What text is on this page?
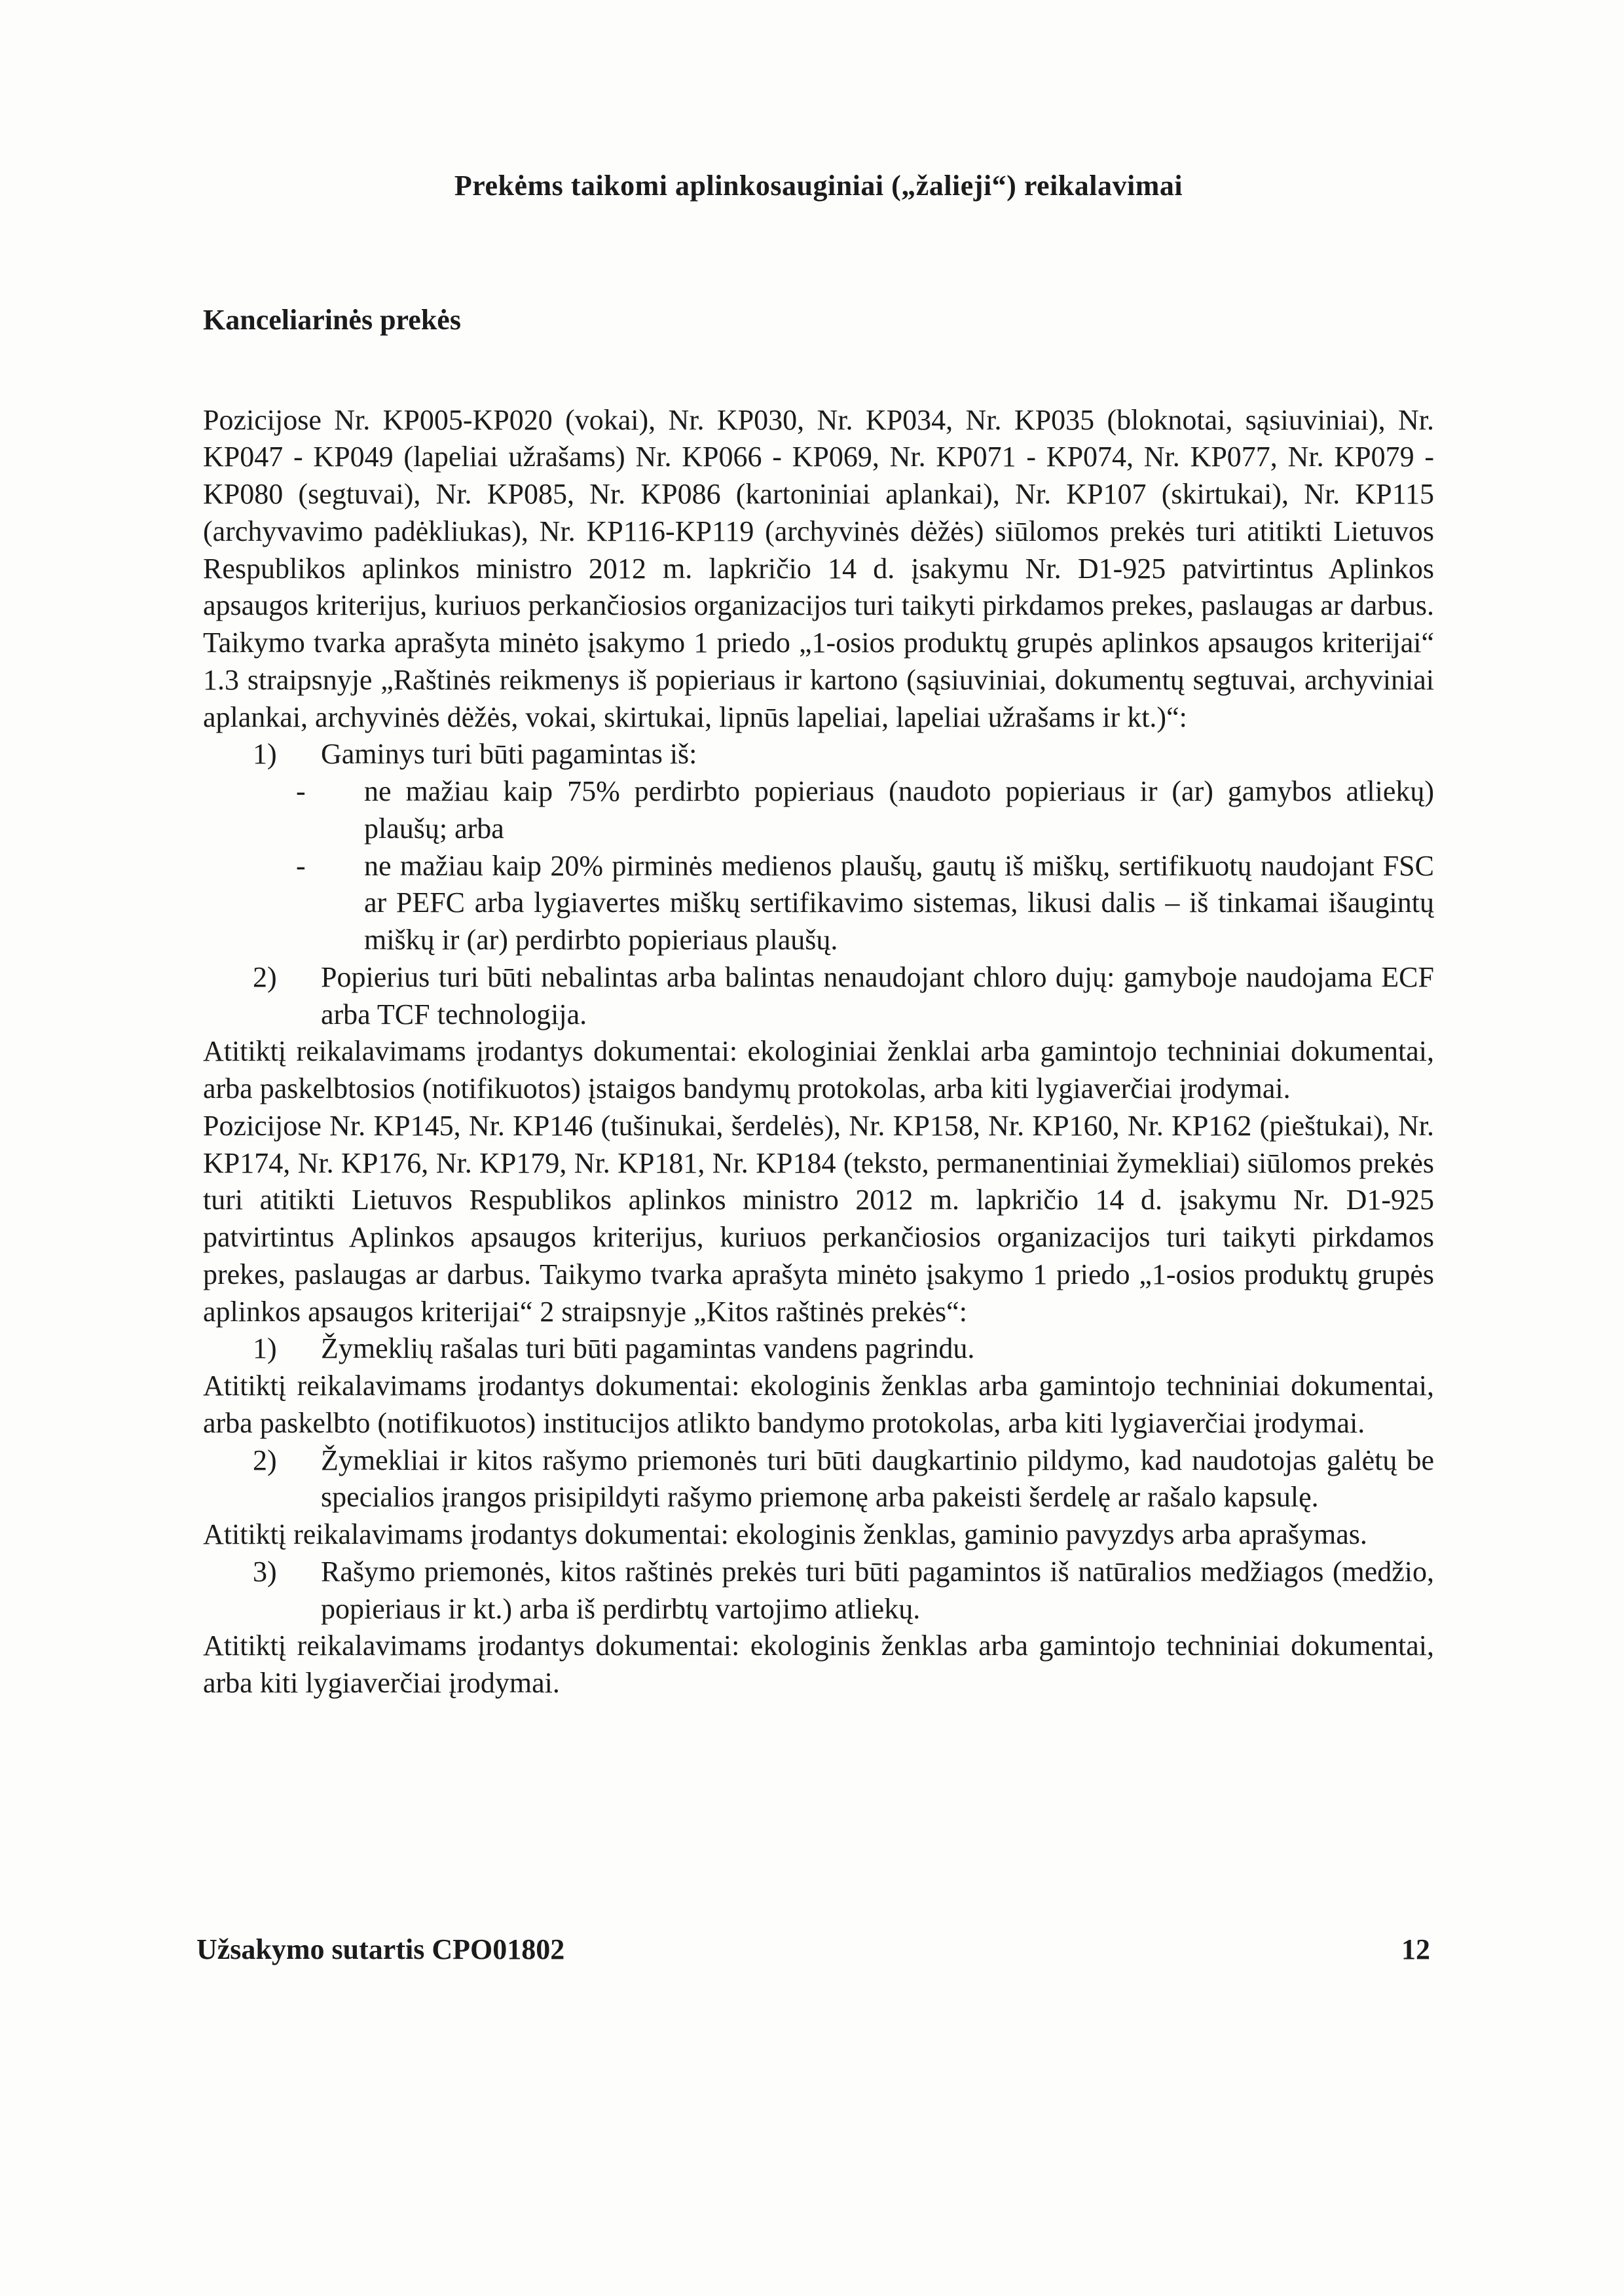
Prekėms taikomi aplinkosauginiai („žalieji“) reikalavimai
Kanceliarinės prekės

Pozicijose Nr. KP005-KP020 (vokai), Nr. KP030, Nr. KP034, Nr. KP035 (bloknotai, sąsiuviniai), Nr. KP047 - KP049 (lapeliai užrašams) Nr. KP066 - KP069, Nr. KP071 - KP074, Nr. KP077, Nr. KP079 - KP080 (segtuvai), Nr. KP085, Nr. KP086 (kartoniniai aplankai), Nr. KP107 (skirtukai), Nr. KP115 (archyvavimo padėkliukas), Nr. KP116-KP119 (archyvinės dėžės) siūlomos prekės turi atitikti Lietuvos Respublikos aplinkos ministro 2012 m. lapkričio 14 d. įsakymu Nr. D1-925 patvirtintus Aplinkos apsaugos kriterijus, kuriuos perkančiosios organizacijos turi taikyti pirkdamos prekes, paslaugas ar darbus. Taikymo tvarka aprašyta minėto įsakymo 1 priedo „1-osios produktų grupės aplinkos apsaugos kriterijai“ 1.3 straipsnyje „Raštinės reikmenys iš popieriaus ir kartono (sąsiuviniai, dokumentų segtuvai, archyviniai aplankai, archyvinės dėžės, vokai, skirtukai, lipnūs lapeliai, lapeliai užrašams ir kt.)“:

1)	Gaminys turi būti pagamintas iš:
-	ne mažiau kaip 75% perdirbto popieriaus (naudoto popieriaus ir (ar) gamybos atliekų) plaušų; arba
-	ne mažiau kaip 20% pirminės medienos plaušų, gautų iš miškų, sertifikuotų naudojant FSC ar PEFC arba lygiavertes miškų sertifikavimo sistemas, likusi dalis – iš tinkamai išaugintų miškų ir (ar) perdirbto popieriaus plaušų.
2)	Popierius turi būti nebalintas arba balintas nenaudojant chloro dujų: gamyboje naudojama ECF arba TCF technologija.

Atitiktį reikalavimams įrodantys dokumentai: ekologiniai ženklai arba gamintojo techniniai dokumentai, arba paskelbtosios (notifikuotos) įstaigos bandymų protokolas, arba kiti lygiaverčiai įrodymai.

Pozicijose Nr. KP145, Nr. KP146 (tušinukai, šerdelės), Nr. KP158, Nr. KP160, Nr. KP162 (pieštukai), Nr. KP174, Nr. KP176, Nr. KP179, Nr. KP181, Nr. KP184 (teksto, permanentiniai žymekliai) siūlomos prekės turi atitikti Lietuvos Respublikos aplinkos ministro 2012 m. lapkričio 14 d. įsakymu Nr. D1-925 patvirtintus Aplinkos apsaugos kriterijus, kuriuos perkančiosios organizacijos turi taikyti pirkdamos prekes, paslaugas ar darbus. Taikymo tvarka aprašyta minėto įsakymo 1 priedo „1-osios produktų grupės aplinkos apsaugos kriterijai“ 2 straipsnyje „Kitos raštinės prekės“:

1)	Žymeklių rašalas turi būti pagamintas vandens pagrindu.

Atitiktį reikalavimams įrodantys dokumentai: ekologinis ženklas arba gamintojo techniniai dokumentai, arba paskelbto (notifikuotos) institucijos atlikto bandymo protokolas, arba kiti lygiaverčiai įrodymai.

2)	Žymekliai ir kitos rašymo priemonės turi būti daugkartinio pildymo, kad naudotojas galėtų be specialios įrangos prisipildyti rašymo priemonę arba pakeisti šerdelę ar rašalo kapsulę.

Atitiktį reikalavimams įrodantys dokumentai: ekologinis ženklas, gaminio pavyzdys arba aprašymas.

3)	Rašymo priemonės, kitos raštinės prekės turi būti pagamintos iš natūralios medžiagos (medžio, popieriaus ir kt.) arba iš perdirbtų vartojimo atliekų.

Atitiktį reikalavimams įrodantys dokumentai: ekologinis ženklas arba gamintojo techniniai dokumentai, arba kiti lygiaverčiai įrodymai.

Užsakymo sutartis CPO01802	12
